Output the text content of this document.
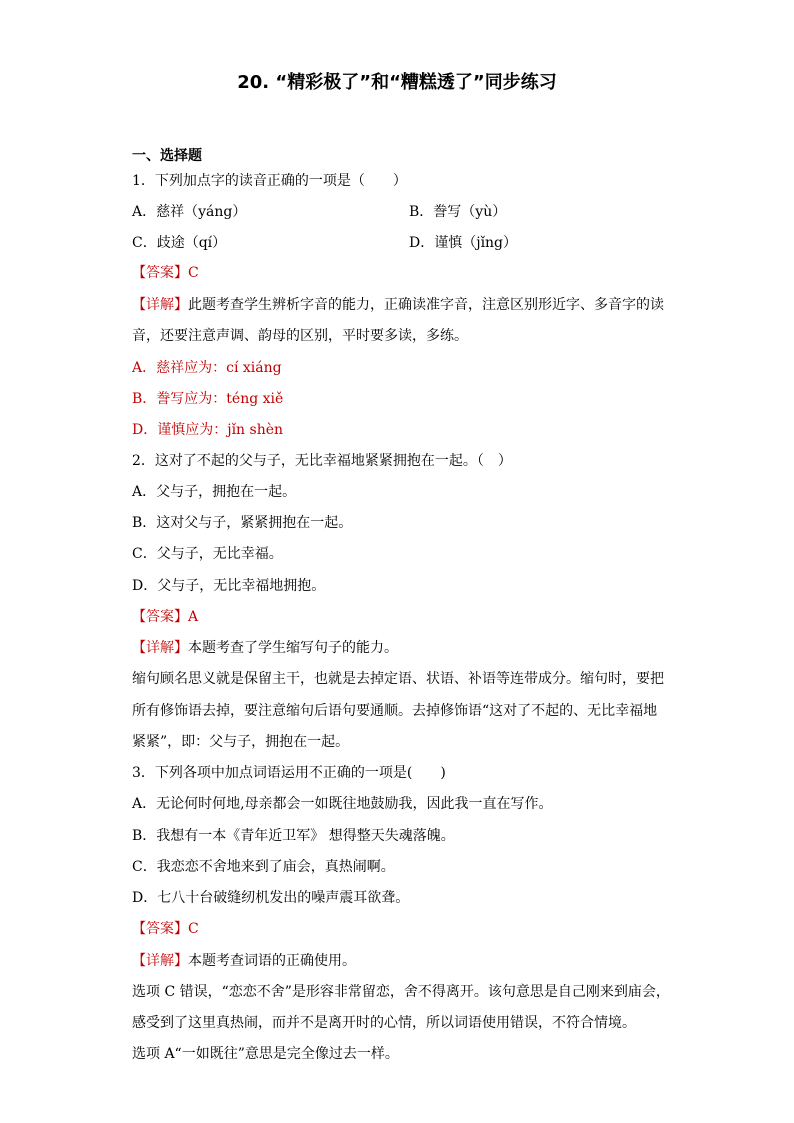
20. “精彩极了”和“糟糕透了”同步练习
一、选择题
1．下列加点字的读音正确的一项是（　　）
A．慈祥（yáng）	B．誊写（yù）
C．歧途（qí）	D．谨慎（jǐng）
【答案】C
【详解】此题考查学生辨析字音的能力，正确读准字音，注意区别形近字、多音字的读
音，还要注意声调、韵母的区别，平时要多读，多练。
A．慈祥应为：cí xiáng
B．誊写应为：téng xiě
D．谨慎应为：jǐn shèn
2．这对了不起的父与子，无比幸福地紧紧拥抱在一起。（　）
A．父与子，拥抱在一起。
B．这对父与子，紧紧拥抱在一起。
C．父与子，无比幸福。
D．父与子，无比幸福地拥抱。
【答案】A
【详解】本题考查了学生缩写句子的能力。
缩句顾名思义就是保留主干，也就是去掉定语、状语、补语等连带成分。缩句时，要把
所有修饰语去掉，要注意缩句后语句要通顺。去掉修饰语“这对了不起的、无比幸福地
紧紧”，即：父与子，拥抱在一起。
3．下列各项中加点词语运用不正确的一项是(　　)
A．无论何时何地,母亲都会一如既往地鼓励我，因此我一直在写作。
B．我想有一本《青年近卫军》 想得整天失魂落魄。
C．我恋恋不舍地来到了庙会，真热闹啊。
D．七八十台破缝纫机发出的噪声震耳欲聋。
【答案】C
【详解】本题考查词语的正确使用。
选项 C 错误，“恋恋不舍”是形容非常留恋，舍不得离开。该句意思是自己刚来到庙会，
感受到了这里真热闹，而并不是离开时的心情，所以词语使用错误，不符合情境。
选项 A“一如既往”意思是完全像过去一样。
